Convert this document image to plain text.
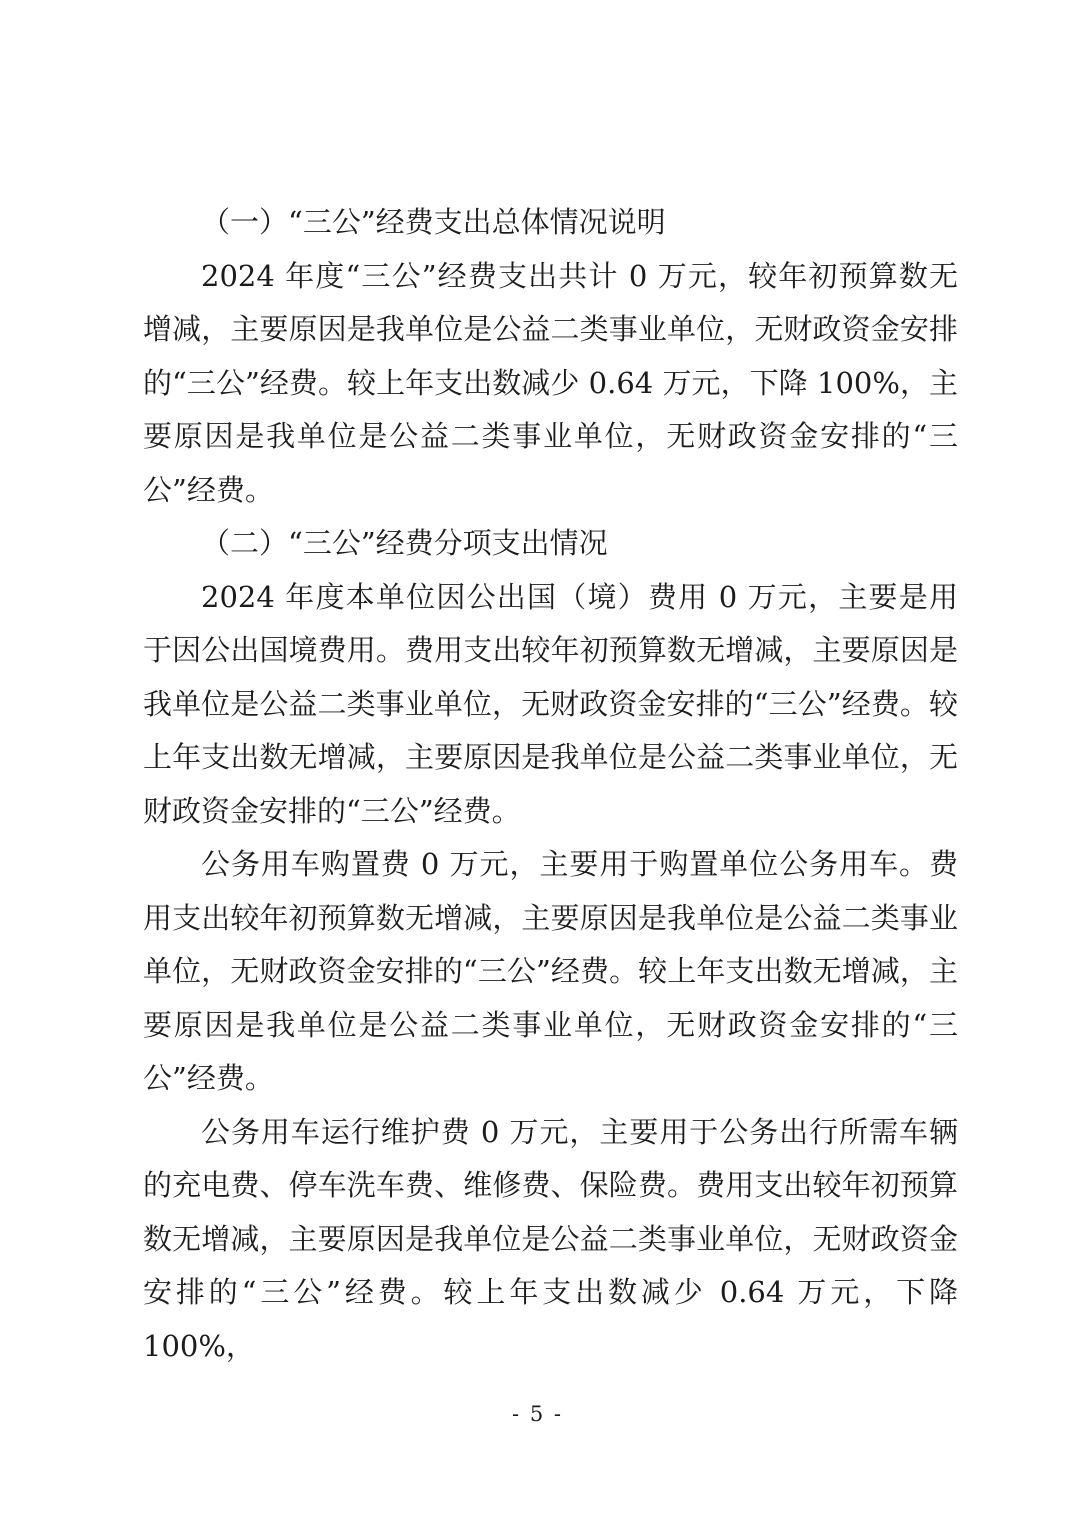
（一）“三公”经费支出总体情况说明

2024 年度“三公”经费支出共计 0 万元，较年初预算数无增减，主要原因是我单位是公益二类事业单位，无财政资金安排的“三公”经费。较上年支出数减少 0.64 万元，下降 100%，主要原因是我单位是公益二类事业单位，无财政资金安排的“三公”经费。

（二）“三公”经费分项支出情况

2024 年度本单位因公出国（境）费用 0 万元，主要是用于因公出国境费用。费用支出较年初预算数无增减，主要原因是我单位是公益二类事业单位，无财政资金安排的“三公”经费。较上年支出数无增减，主要原因是我单位是公益二类事业单位，无财政资金安排的“三公”经费。

公务用车购置费 0 万元，主要用于购置单位公务用车。费用支出较年初预算数无增减，主要原因是我单位是公益二类事业单位，无财政资金安排的“三公”经费。较上年支出数无增减，主要原因是我单位是公益二类事业单位，无财政资金安排的“三公”经费。

公务用车运行维护费 0 万元，主要用于公务出行所需车辆的充电费、停车洗车费、维修费、保险费。费用支出较年初预算数无增减，主要原因是我单位是公益二类事业单位，无财政资金安排的“三公”经费。较上年支出数减少 0.64 万元，下降 100%，

- 5 -
